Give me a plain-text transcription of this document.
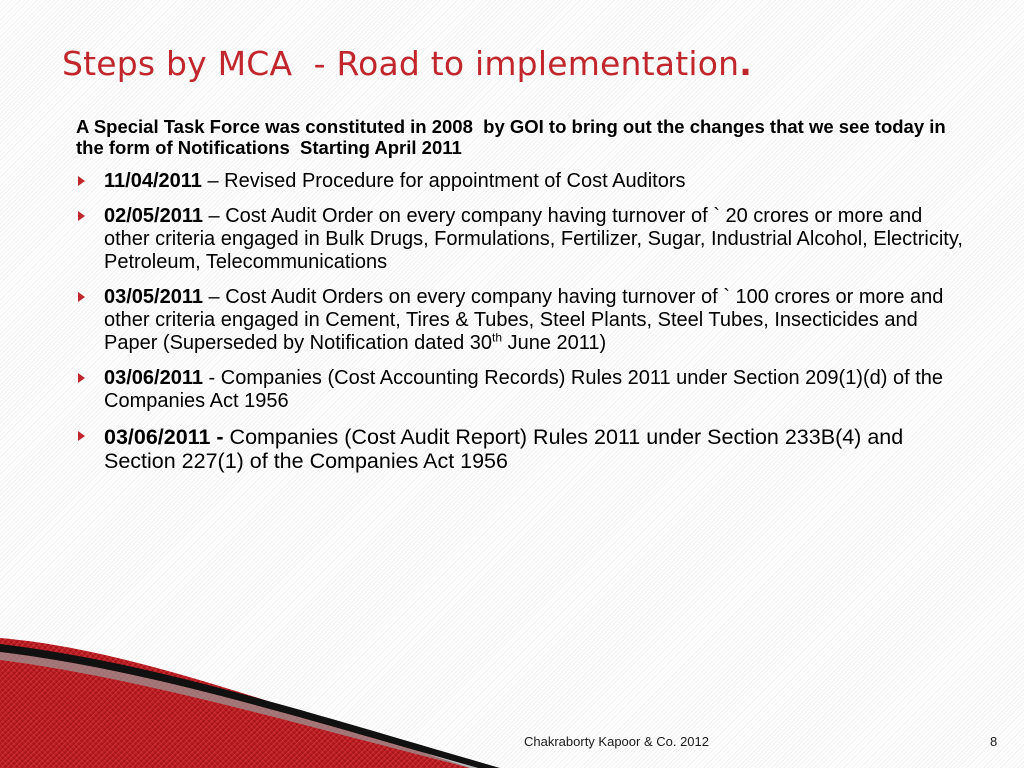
Steps by MCA  - Road to implementation.

A Special Task Force was constituted in 2008  by GOI to bring out the changes that we see today in the form of Notifications  Starting April 2011

11/04/2011 – Revised Procedure for appointment of Cost Auditors
02/05/2011 – Cost Audit Order on every company having turnover of ` 20 crores or more and other criteria engaged in Bulk Drugs, Formulations, Fertilizer, Sugar, Industrial Alcohol, Electricity, Petroleum, Telecommunications
03/05/2011 – Cost Audit Orders on every company having turnover of ` 100 crores or more and other criteria engaged in Cement, Tires & Tubes, Steel Plants, Steel Tubes, Insecticides and Paper (Superseded by Notification dated 30th June 2011)
03/06/2011 - Companies (Cost Accounting Records) Rules 2011 under Section 209(1)(d) of the Companies Act 1956
03/06/2011 - Companies (Cost Audit Report) Rules 2011 under Section 233B(4) and Section 227(1) of the Companies Act 1956
Chakraborty Kapoor & Co. 2012	8
